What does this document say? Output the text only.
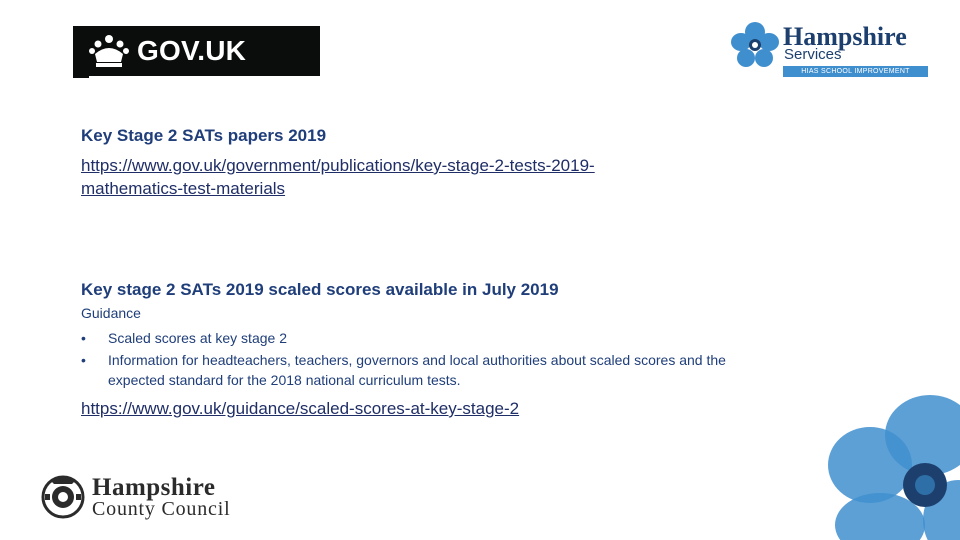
GOV.UK	Hampshire
Services
HIAS SCHOOL IMPROVEMENT
Key Stage 2 SATs papers 2019
https://www.gov.uk/government/publications/key-stage-2-tests-2019-
mathematics-test-materials
Key stage 2 SATs 2019 scaled scores available in July 2019
Guidance
•	Scaled scores at key stage 2
•	Information for headteachers, teachers, governors and local authorities about scaled scores and the expected standard for the 2018 national curriculum tests.
https://www.gov.uk/guidance/scaled-scores-at-key-stage-2
Hampshire
County Council
